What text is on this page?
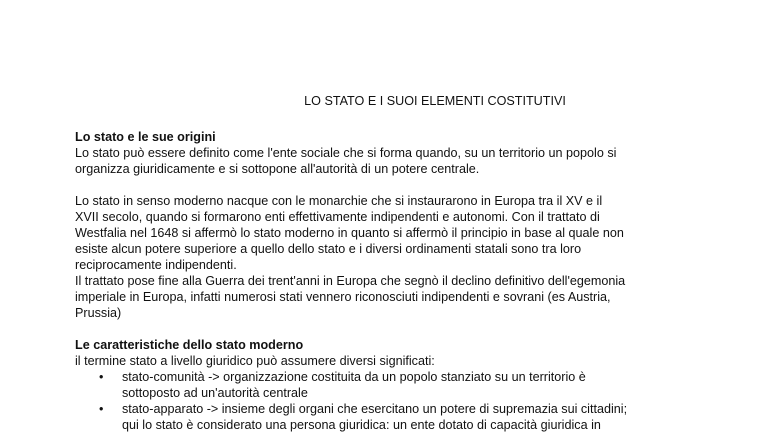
LO STATO E I SUOI ELEMENTI COSTITUTIVI
Lo stato e le sue origini

Lo stato può essere definito come l'ente sociale che si forma quando, su un territorio un popolo si

organizza giuridicamente e si sottopone all'autorità di un potere centrale.

Lo stato in senso moderno nacque con le monarchie che si instaurarono in Europa tra il XV e il

XVII secolo, quando si formarono enti effettivamente indipendenti e autonomi. Con il trattato di

Westfalia nel 1648 si affermò lo stato moderno in quanto si affermò il principio in base al quale non

esiste alcun potere superiore a quello dello stato e i diversi ordinamenti statali sono tra loro

reciprocamente indipendenti.

Il trattato pose fine alla Guerra dei trent'anni in Europa che segnò il declino definitivo dell'egemonia

imperiale in Europa, infatti numerosi stati vennero riconosciuti indipendenti e sovrani (es Austria,

Prussia)

Le caratteristiche dello stato moderno

il termine stato a livello giuridico può assumere diversi significati:

• stato-comunità -> organizzazione costituita da un popolo stanziato su un territorio è
sottoposto ad un'autorità centrale
• stato-apparato -> insieme degli organi che esercitano un potere di supremazia sui cittadini;
qui lo stato è considerato una persona giuridica: un ente dotato di capacità giuridica in
